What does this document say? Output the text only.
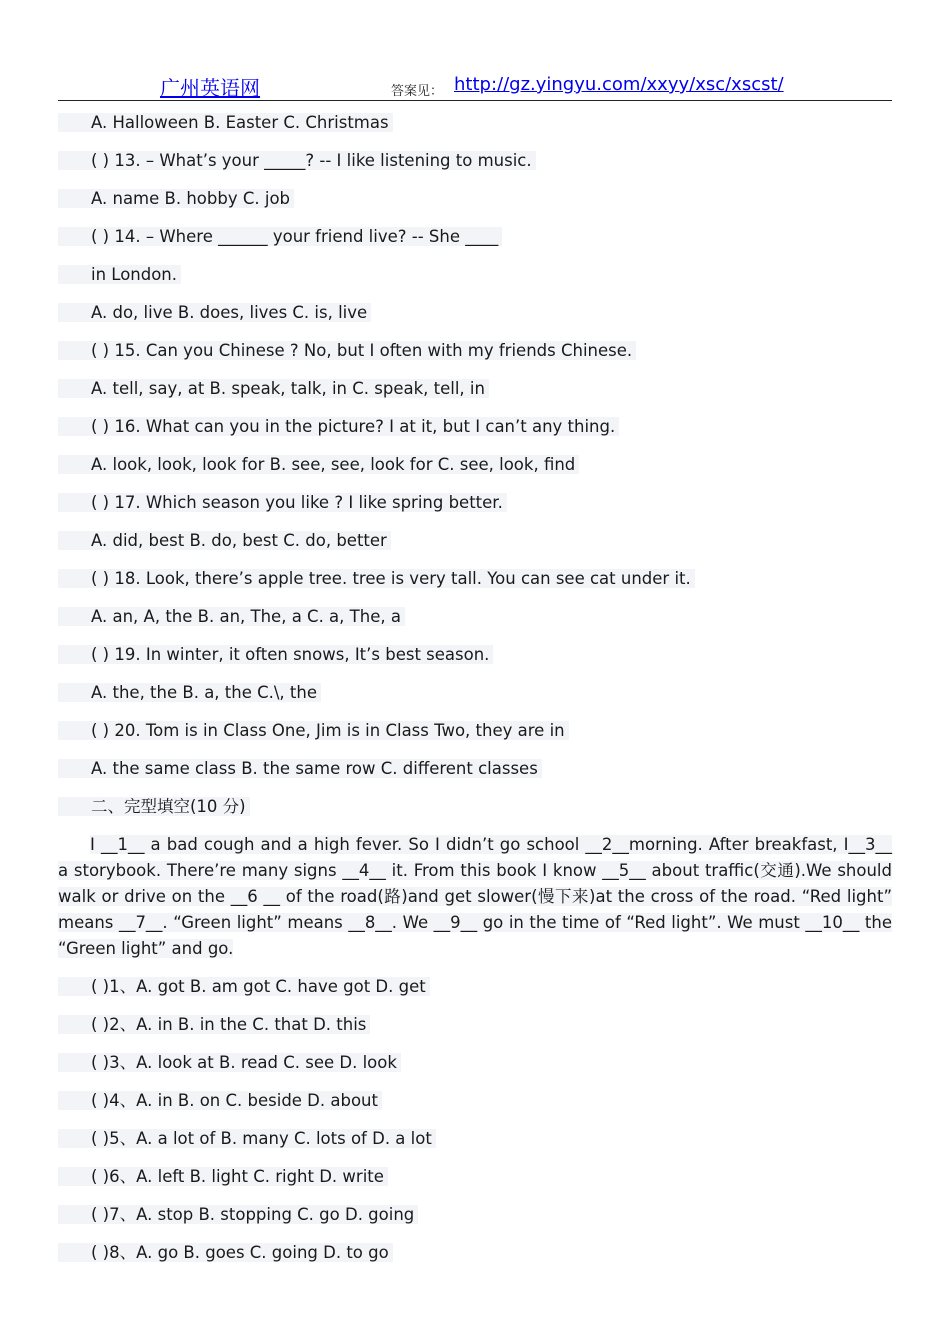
广州英语网	答案见： http://gz.yingyu.com/xxyy/xsc/xscst/
A. Halloween B. Easter C. Christmas
( ) 13. – What’s your _____? -- I like listening to music.
A. name B. hobby C. job
( ) 14. – Where ______ your friend live? -- She ____
in London.
A. do, live B. does, lives C. is, live
( ) 15. Can you Chinese ? No, but I often with my friends Chinese.
A. tell, say, at B. speak, talk, in C. speak, tell, in
( ) 16. What can you in the picture? I at it, but I can’t any thing.
A. look, look, look for B. see, see, look for C. see, look, find
( ) 17. Which season you like ? I like spring better.
A. did, best B. do, best C. do, better
( ) 18. Look, there’s apple tree. tree is very tall. You can see cat under it.
A. an, A, the B. an, The, a C. a, The, a
( ) 19. In winter, it often snows, It’s best season.
A. the, the B. a, the C.\, the
( ) 20. Tom is in Class One, Jim is in Class Two, they are in
A. the same class B. the same row C. different classes
二、完型填空(10 分)

I __1__ a bad cough and a high fever. So I didn’t go school __2__morning. After breakfast, I__3__ a storybook. There’re many signs __4__ it. From this book I know __5__ about traffic(交通).We should walk or drive on the __6 __ of the road(路)and get slower(慢下来)at the cross of the road. “Red light” means __7__. “Green light” means __8__. We __9__ go in the time of “Red light”. We must __10__ the “Green light” and go.

( )1、A. got B. am got C. have got D. get
( )2、A. in B. in the C. that D. this
( )3、A. look at B. read C. see D. look
( )4、A. in B. on C. beside D. about
( )5、A. a lot of B. many C. lots of D. a lot
( )6、A. left B. light C. right D. write
( )7、A. stop B. stopping C. go D. going
( )8、A. go B. goes C. going D. to go
